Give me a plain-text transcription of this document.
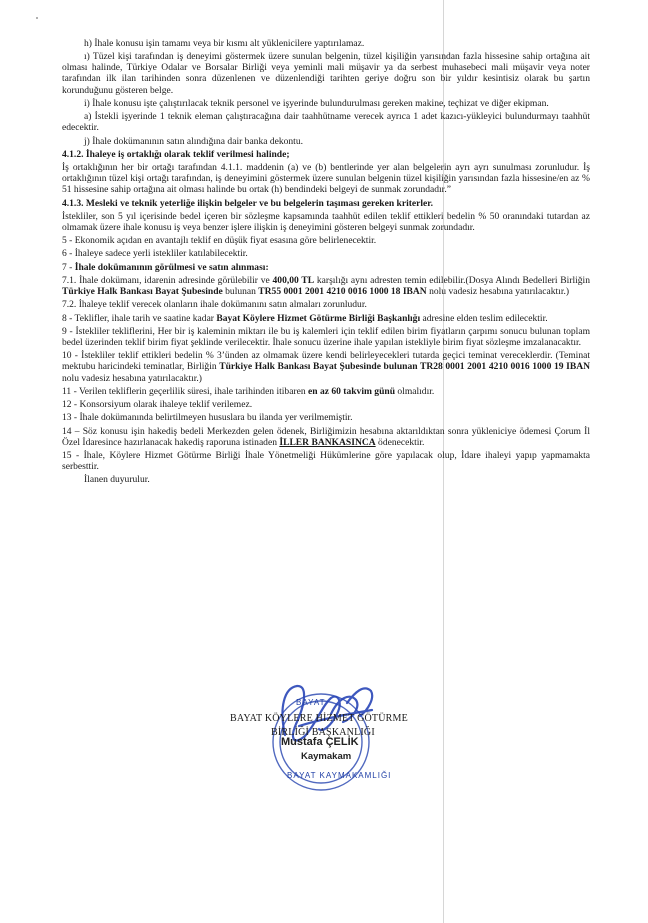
h) İhale konusu işin tamamı veya bir kısmı alt yüklenicilere yaptırılamaz.

ı) Tüzel kişi tarafından iş deneyimi göstermek üzere sunulan belgenin, tüzel kişiliğin yarısından fazla hissesine sahip ortağına ait olması halinde, Türkiye Odalar ve Borsalar Birliği veya yeminli mali müşavir ya da serbest muhasebeci mali müşavir veya noter tarafından ilk ilan tarihinden sonra düzenlenen ve düzenlendiği tarihten geriye doğru son bir yıldır kesintisiz olarak bu şartın korunduğunu gösteren belge.

i) İhale konusu işte çalıştırılacak teknik personel ve işyerinde bulundurulması gereken makine, teçhizat ve diğer ekipman.

a) İstekli işyerinde 1 teknik eleman çalıştıracağına dair taahhütname verecek ayrıca 1 adet kazıcı-yükleyici bulundurmayı taahhüt edecektir.

j) İhale dokümanının satın alındığına dair banka dekontu.

4.1.2. İhaleye iş ortaklığı olarak teklif verilmesi halinde;

İş ortaklığının her bir ortağı tarafından 4.1.1. maddenin (a) ve (b) bentlerinde yer alan belgelerin ayrı ayrı sunulması zorunludur. İş ortaklığının tüzel kişi ortağı tarafından, iş deneyimini göstermek üzere sunulan belgenin tüzel kişiliğin yarısından fazla hissesine/en az % 51 hissesine sahip ortağına ait olması halinde bu ortak (h) bendindeki belgeyi de sunmak zorundadır.”

4.1.3. Mesleki ve teknik yeterliğe ilişkin belgeler ve bu belgelerin taşıması gereken kriterler.

İstekliler, son 5 yıl içerisinde bedel içeren bir sözleşme kapsamında taahhüt edilen teklif ettikleri bedelin % 50 oranındaki tutardan az olmamak üzere ihale konusu iş veya benzer işlere ilişkin iş deneyimini gösteren belgeyi sunmak zorundadır.

5 - Ekonomik açıdan en avantajlı teklif en düşük fiyat esasına göre belirlenecektir.

6 - İhaleye sadece yerli istekliler katılabilecektir.

7 - İhale dokümanının görülmesi ve satın alınması:

7.1. İhale dokümanı, idarenin adresinde görülebilir ve 400,00 TL karşılığı aynı adresten temin edilebilir.(Dosya Alındı Bedelleri Birliğin Türkiye Halk Bankası Bayat Şubesinde bulunan TR55 0001 2001 4210 0016 1000 18 IBAN nolu vadesiz hesabına yatırılacaktır.)

7.2. İhaleye teklif verecek olanların ihale dokümanını satın almaları zorunludur.

8 - Teklifler, ihale tarih ve saatine kadar Bayat Köylere Hizmet Götürme Birliği Başkanlığı adresine elden teslim edilecektir.

9 - İstekliler tekliflerini, Her bir iş kaleminin miktarı ile bu iş kalemleri için teklif edilen birim fiyatların çarpımı sonucu bulunan toplam bedel üzerinden teklif birim fiyat şeklinde verilecektir. İhale sonucu üzerine ihale yapılan istekliyle birim fiyat sözleşme imzalanacaktır.

10 - İstekliler teklif ettikleri bedelin % 3’ünden az olmamak üzere kendi belirleyecekleri tutarda geçici teminat vereceklerdir. (Teminat mektubu haricindeki teminatlar, Birliğin Türkiye Halk Bankası Bayat Şubesinde bulunan TR28 0001 2001 4210 0016 1000 19 IBAN nolu vadesiz hesabına yatırılacaktır.)

11 - Verilen tekliflerin geçerlilik süresi, ihale tarihinden itibaren en az 60 takvim günü olmalıdır.

12 - Konsorsiyum olarak ihaleye teklif verilemez.

13 - İhale dokümanında belirtilmeyen hususlara bu ilanda yer verilmemiştir.

14 – Söz konusu işin hakediş bedeli Merkezden gelen ödenek, Birliğimizin hesabına aktarıldıktan sonra yükleniciye ödemesi Çorum İl Özel İdaresince hazırlanacak hakediş raporuna istinaden İLLER BANKASINCA ödenecektir.

15 - İhale, Köylere Hizmet Götürme Birliği İhale Yönetmeliği Hükümlerine göre yapılacak olup, İdare ihaleyi yapıp yapmamakta serbesttir.

İlanen duyurulur.

BAYAT
BAYAT KÖYLERE HİZMET GÖTÜRME
BİRLİĞİ BAŞKANLIĞI
Mustafa ÇELİK
Kaymakam
BAYAT KAYMAKAMLIĞI
